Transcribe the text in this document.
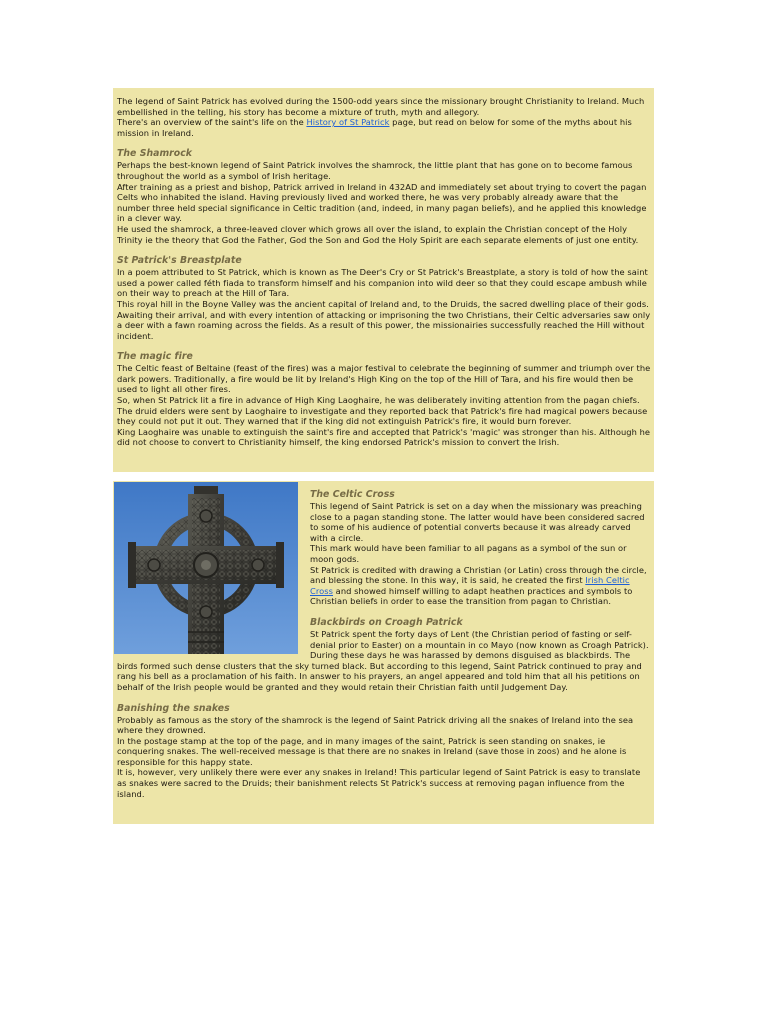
The legend of Saint Patrick has evolved during the 1500-odd years since the missionary brought Christianity to Ireland. Much embellished in the telling, his story has become a mixture of truth, myth and allegory.

There's an overview of the saint's life on the History of St Patrick page, but read on below for some of the myths about his mission in Ireland.

The Shamrock

Perhaps the best-known legend of Saint Patrick involves the shamrock, the little plant that has gone on to become famous throughout the world as a symbol of Irish heritage.

After training as a priest and bishop, Patrick arrived in Ireland in 432AD and immediately set about trying to covert the pagan Celts who inhabited the island. Having previously lived and worked there, he was very probably already aware that the number three held special significance in Celtic tradition (and, indeed, in many pagan beliefs), and he applied this knowledge in a clever way.

He used the shamrock, a three-leaved clover which grows all over the island, to explain the Christian concept of the Holy Trinity ie the theory that God the Father, God the Son and God the Holy Spirit are each separate elements of just one entity.

St Patrick's Breastplate

In a poem attributed to St Patrick, which is known as The Deer's Cry or St Patrick's Breastplate, a story is told of how the saint used a power called féth fiada to transform himself and his companion into wild deer so that they could escape ambush while on their way to preach at the Hill of Tara.

This royal hill in the Boyne Valley was the ancient capital of Ireland and, to the Druids, the sacred dwelling place of their gods.

Awaiting their arrival, and with every intention of attacking or imprisoning the two Christians, their Celtic adversaries saw only a deer with a fawn roaming across the fields. As a result of this power, the missionairies successfully reached the Hill without incident.

The magic fire

The Celtic feast of Beltaine (feast of the fires) was a major festival to celebrate the beginning of summer and triumph over the dark powers. Traditionally, a fire would be lit by Ireland's High King on the top of the Hill of Tara, and his fire would then be used to light all other fires.

So, when St Patrick lit a fire in advance of High King Laoghaire, he was deliberately inviting attention from the pagan chiefs. The druid elders were sent by Laoghaire to investigate and they reported back that Patrick's fire had magical powers because they could not put it out. They warned that if the king did not extinguish Patrick's fire, it would burn forever.

King Laoghaire was unable to extinguish the saint's fire and accepted that Patrick's 'magic' was stronger than his. Although he did not choose to convert to Christianity himself, the king endorsed Patrick's mission to convert the Irish.

The Celtic Cross

This legend of Saint Patrick is set on a day when the missionary was preaching close to a pagan standing stone. The latter would have been considered sacred to some of his audience of potential converts because it was already carved with a circle.

This mark would have been familiar to all pagans as a symbol of the sun or moon gods.

St Patrick is credited with drawing a Christian (or Latin) cross through the circle, and blessing the stone. In this way, it is said, he created the first Irish Celtic Cross and showed himself willing to adapt heathen practices and symbols to Christian beliefs in order to ease the transition from pagan to Christian.

Blackbirds on Croagh Patrick

St Patrick spent the forty days of Lent (the Christian period of fasting or self-denial prior to Easter) on a mountain in co Mayo (now known as Croagh Patrick).

During these days he was harassed by demons disguised as blackbirds. The birds formed such dense clusters that the sky turned black. But according to this legend, Saint Patrick continued to pray and rang his bell as a proclamation of his faith. In answer to his prayers, an angel appeared and told him that all his petitions on behalf of the Irish people would be granted and they would retain their Christian faith until Judgement Day.

Banishing the snakes

Probably as famous as the story of the shamrock is the legend of Saint Patrick driving all the snakes of Ireland into the sea where they drowned.

In the postage stamp at the top of the page, and in many images of the saint, Patrick is seen standing on snakes, ie conquering snakes. The well-received message is that there are no snakes in Ireland (save those in zoos) and he alone is responsible for this happy state.

It is, however, very unlikely there were ever any snakes in Ireland! This particular legend of Saint Patrick is easy to translate as snakes were sacred to the Druids; their banishment relects St Patrick's success at removing pagan influence from the island.
